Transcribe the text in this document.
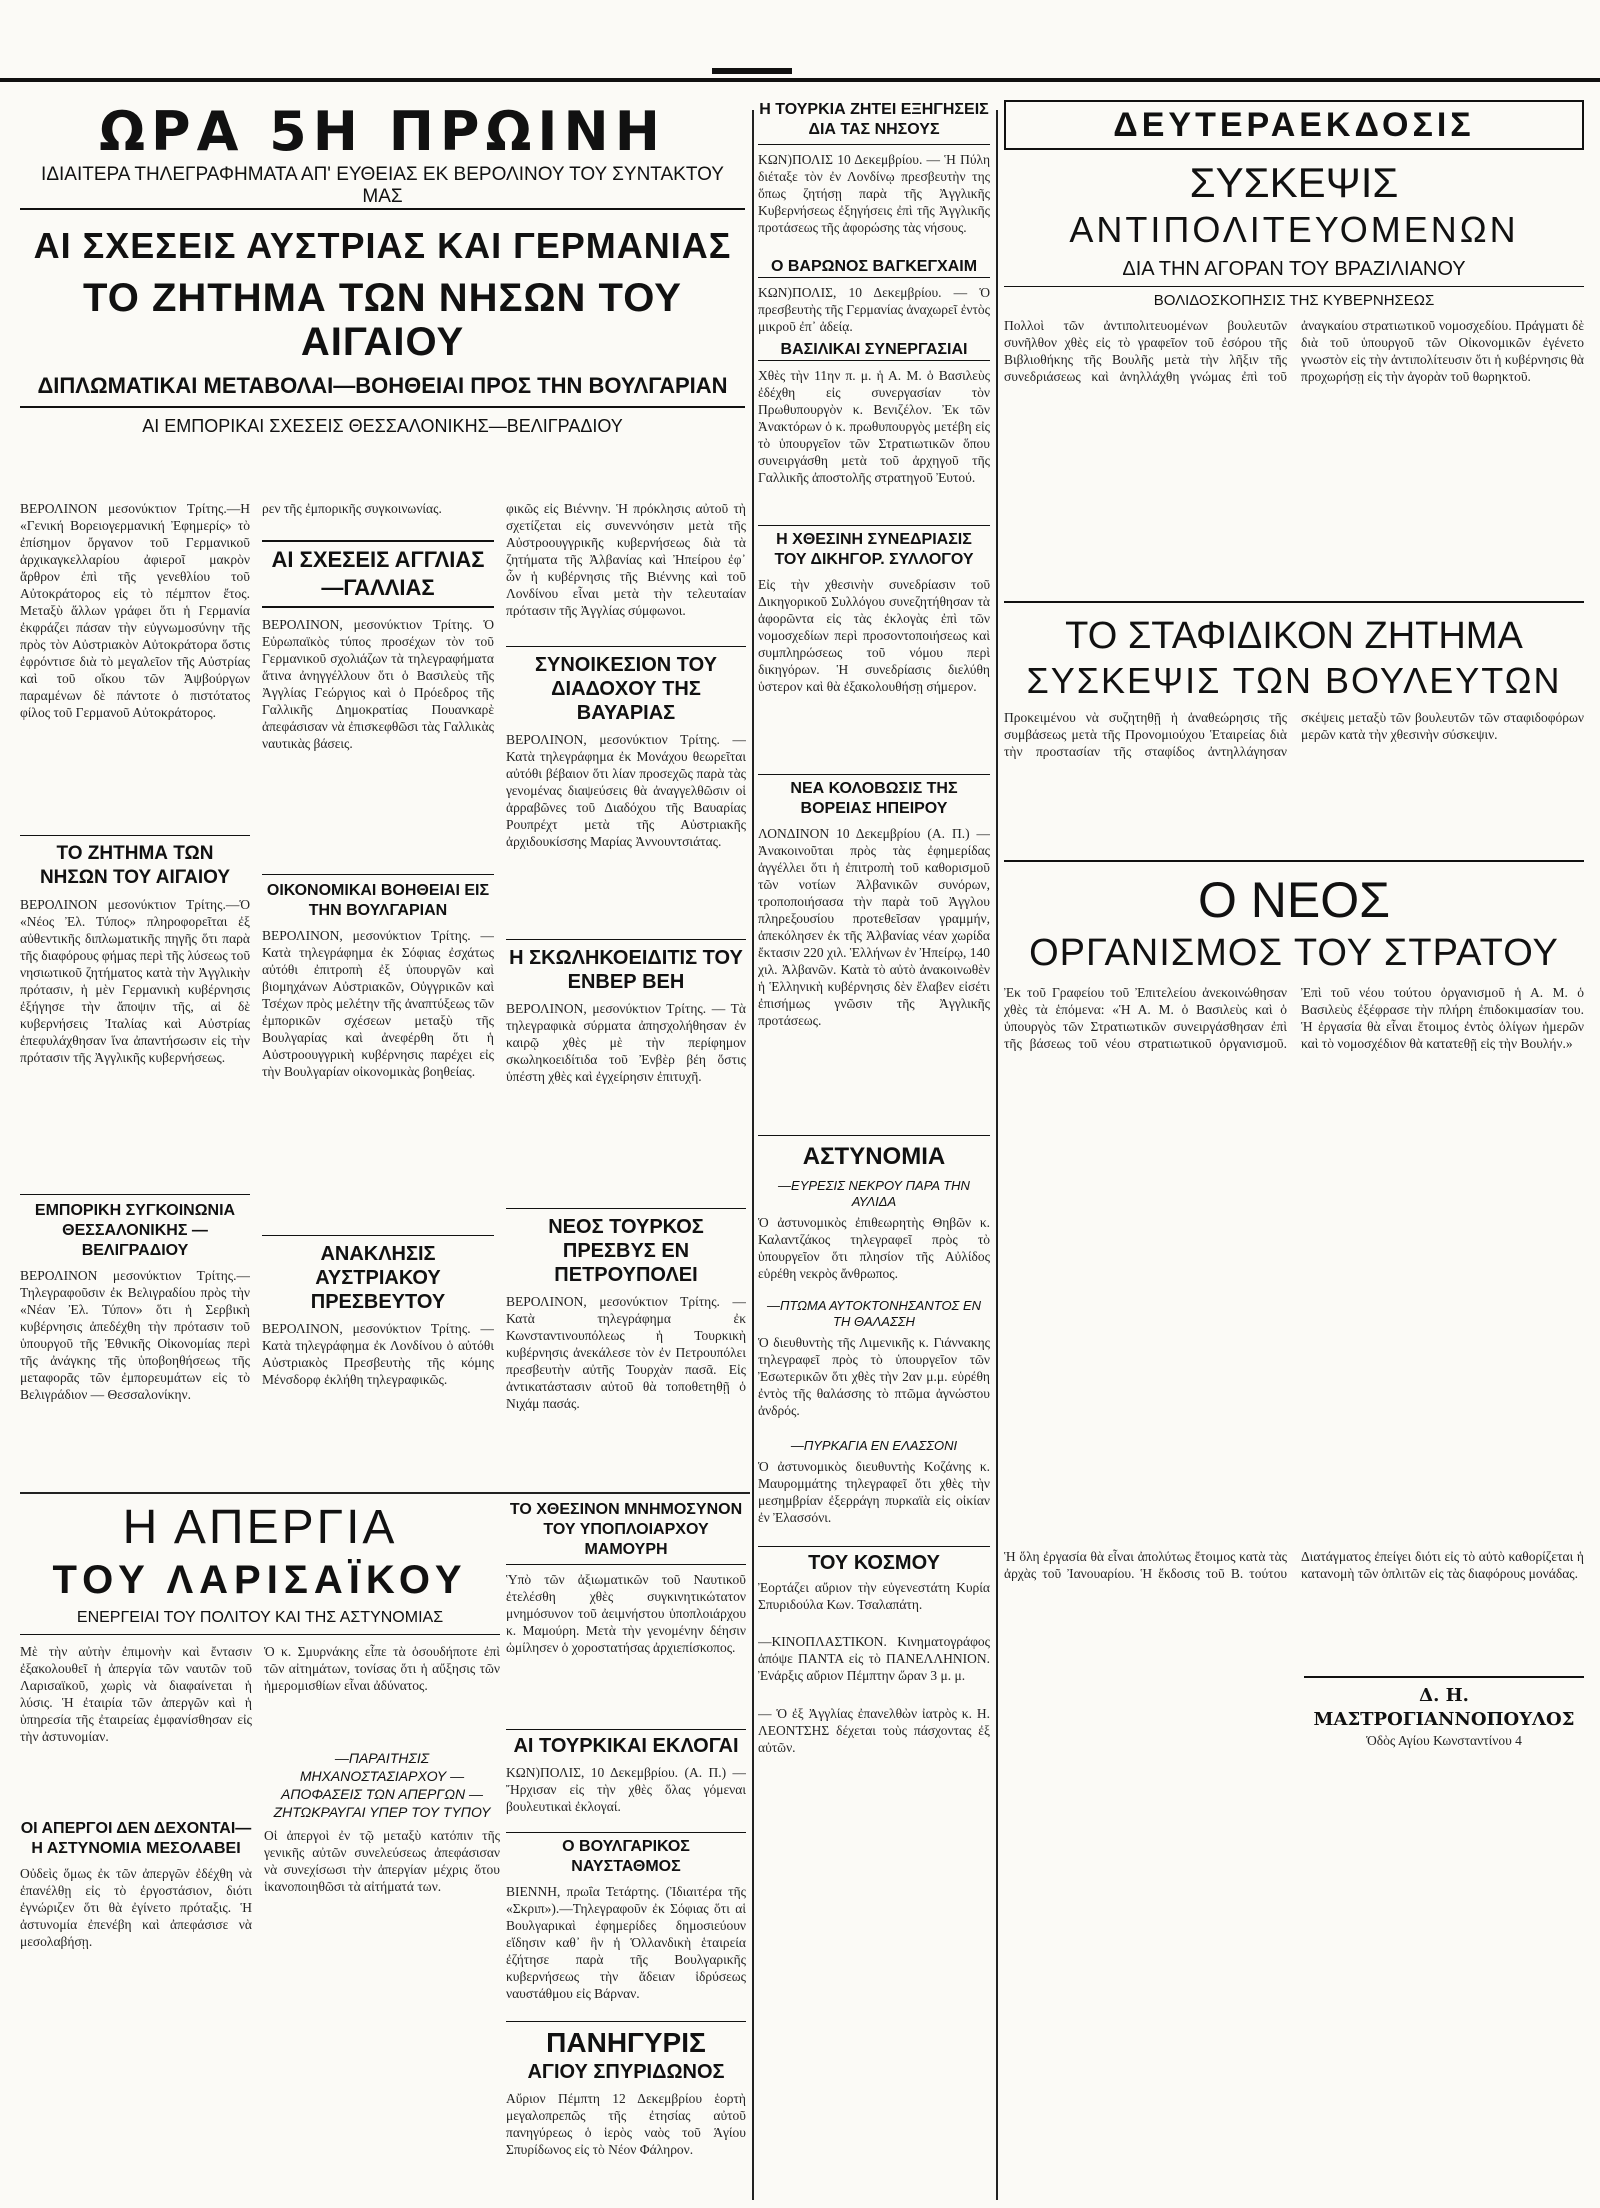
ΩΡΑ 5Η ΠΡΩΙΝΗ
ΙΔΙΑΙΤΕΡΑ ΤΗΛΕΓΡΑΦΗΜΑΤΑ ΑΠ' ΕΥΘΕΙΑΣ ΕΚ ΒΕΡΟΛΙΝΟΥ ΤΟΥ ΣΥΝΤΑΚΤΟΥ ΜΑΣ
ΑΙ ΣΧΕΣΕΙΣ ΑΥΣΤΡΙΑΣ ΚΑΙ ΓΕΡΜΑΝΙΑΣ
ΤΟ ΖΗΤΗΜΑ ΤΩΝ ΝΗΣΩΝ ΤΟΥ ΑΙΓΑΙΟΥ
ΔΙΠΛΩΜΑΤΙΚΑΙ ΜΕΤΑΒΟΛΑΙ—ΒΟΗΘΕΙΑΙ ΠΡΟΣ ΤΗΝ ΒΟΥΛΓΑΡΙΑΝ
ΑΙ ΕΜΠΟΡΙΚΑΙ ΣΧΕΣΕΙΣ ΘΕΣΣΑΛΟΝΙΚΗΣ—ΒΕΛΙΓΡΑΔΙΟΥ
ΒΕΡΟΛΙΝΟΝ μεσονύκτιον Τρίτης.—Η «Γενική Βορειογερμανική Ἐφημερίς» τὸ ἐπίσημον ὄργανον τοῦ Γερμανικοῦ ἀρχικαγκελλαρίου ἀφιεροῖ μακρὸν ἄρθρον ἐπὶ τῆς γενεθλίου τοῦ Αὐτοκράτορος εἰς τὸ πέμπτον ἔτος. Μεταξὺ ἄλλων γράφει ὅτι ἡ Γερμανία ἐκφράζει πάσαν τὴν εὐγνωμοσύνην τῆς πρὸς τὸν Αὐστριακὸν Αὐτοκράτορα ὅστις ἐφρόντισε διὰ τὸ μεγαλεῖον τῆς Αὐστρίας καὶ τοῦ οἴκου τῶν Ἀψβούργων παραμένων δὲ πάντοτε ὁ πιστότατος φίλος τοῦ Γερμανοῦ Αὐτοκράτορος.
ΤΟ ΖΗΤΗΜΑ ΤΩΝ ΝΗΣΩΝ ΤΟΥ ΑΙΓΑΙΟΥ
ΒΕΡΟΛΙΝΟΝ μεσονύκτιον Τρίτης.—Ὁ «Νέος Ἐλ. Τύπος» πληροφορεῖται ἐξ αὐθεντικῆς διπλωματικῆς πηγῆς ὅτι παρὰ τῆς διαφόρους φήμας περὶ τῆς λύσεως τοῦ νησιωτικοῦ ζητήματος κατὰ τὴν Ἀγγλικὴν πρότασιν, ἡ μὲν Γερμανικὴ κυβέρνησις ἐξήγησε τὴν ἄποψιν τῆς, αἱ δὲ κυβερνήσεις Ἰταλίας καὶ Αὐστρίας ἐπεφυλάχθησαν ἵνα ἀπαντήσωσιν εἰς τὴν πρότασιν τῆς Ἀγγλικῆς κυβερνήσεως.
ΕΜΠΟΡΙΚΗ ΣΥΓΚΟΙΝΩΝΙΑ ΘΕΣΣΑΛΟΝΙΚΗΣ — ΒΕΛΙΓΡΑΔΙΟΥ
ΒΕΡΟΛΙΝΟΝ μεσονύκτιον Τρίτης.—Τηλεγραφοῦσιν ἐκ Βελιγραδίου πρὸς τὴν «Νέαν Ἐλ. Τύπον» ὅτι ἡ Σερβικὴ κυβέρνησις ἀπεδέχθη τὴν πρότασιν τοῦ ὑπουργοῦ τῆς Ἐθνικῆς Οἰκονομίας περὶ τῆς ἀνάγκης τῆς ὑποβοηθήσεως τῆς μεταφορᾶς τῶν ἐμπορευμάτων εἰς τὸ Βελιγράδιον — Θεσσαλονίκην.
ρεν τῆς ἐμπορικῆς συγκοινωνίας.
ΑΙ ΣΧΕΣΕΙΣ ΑΓΓΛΙΑΣ—ΓΑΛΛΙΑΣ
ΒΕΡΟΛΙΝΟΝ, μεσονύκτιον Τρίτης. Ὁ Εὐρωπαϊκὸς τύπος προσέχων τὸν τοῦ Γερμανικοῦ σχολιάζων τὰ τηλεγραφήματα ἅτινα ἀνηγγέλλουν ὅτι ὁ Βασιλεὺς τῆς Ἀγγλίας Γεώργιος καὶ ὁ Πρόεδρος τῆς Γαλλικῆς Δημοκρατίας Πουανκαρὲ ἀπεφάσισαν νὰ ἐπισκεφθῶσι τὰς Γαλλικὰς ναυτικὰς βάσεις.
ΟΙΚΟΝΟΜΙΚΑΙ ΒΟΗΘΕΙΑΙ ΕΙΣ ΤΗΝ ΒΟΥΛΓΑΡΙΑΝ
ΒΕΡΟΛΙΝΟΝ, μεσονύκτιον Τρίτης. — Κατὰ τηλεγράφημα ἐκ Σόφιας ἐσχάτως αὐτόθι ἐπιτροπὴ ἐξ ὑπουργῶν καὶ βιομηχάνων Αὐστριακῶν, Οὐγγρικῶν καὶ Τσέχων πρὸς μελέτην τῆς ἀναπτύξεως τῶν ἐμπορικῶν σχέσεων μεταξὺ τῆς Βουλγαρίας καὶ ἀνεφέρθη ὅτι ἡ Αὐστροουγγρικὴ κυβέρνησις παρέχει εἰς τὴν Βουλγαρίαν οἰκονομικὰς βοηθείας.
ΑΝΑΚΛΗΣΙΣ ΑΥΣΤΡΙΑΚΟΥ ΠΡΕΣΒΕΥΤΟΥ
ΒΕΡΟΛΙΝΟΝ, μεσονύκτιον Τρίτης. — Κατὰ τηλεγράφημα ἐκ Λονδίνου ὁ αὐτόθι Αὐστριακὸς Πρεσβευτὴς τῆς κόμης Μένσδορφ ἐκλήθη τηλεγραφικῶς.
φικῶς εἰς Βιέννην. Ἡ πρόκλησις αὐτοῦ τὴ σχετίζεται εἰς συνεννόησιν μετὰ τῆς Αὐστροουγγρικῆς κυβερνήσεως διὰ τὰ ζητήματα τῆς Ἀλβανίας καὶ Ἠπείρου ἐφ᾽ ὧν ἡ κυβέρνησις τῆς Βιέννης καὶ τοῦ Λονδίνου εἶναι μετὰ τὴν τελευταίαν πρότασιν τῆς Ἀγγλίας σύμφωνοι.
ΣΥΝΟΙΚΕΣΙΟΝ ΤΟΥ ΔΙΑΔΟΧΟΥ ΤΗΣ ΒΑΥΑΡΙΑΣ
ΒΕΡΟΛΙΝΟΝ, μεσονύκτιον Τρίτης. — Κατὰ τηλεγράφημα ἐκ Μονάχου θεωρεῖται αὐτόθι βέβαιον ὅτι λίαν προσεχῶς παρὰ τὰς γενομένας διαψεύσεις θὰ ἀναγγελθῶσιν οἱ ἀρραβῶνες τοῦ Διαδόχου τῆς Βαυαρίας Ρουπρέχτ μετὰ τῆς Αὐστριακῆς ἀρχιδουκίσσης Μαρίας Ἀννουντσιάτας.
Η ΣΚΩΛΗΚΟΕΙΔΙΤΙΣ ΤΟΥ ΕΝΒΕΡ ΒΕΗ
ΒΕΡΟΛΙΝΟΝ, μεσονύκτιον Τρίτης. — Τὰ τηλεγραφικὰ σύρματα ἀπησχολήθησαν ἐν καιρῷ χθὲς μὲ τὴν περίφημον σκωληκοειδίτιδα τοῦ Ἐνβὲρ βέη ὅστις ὑπέστη χθὲς καὶ ἐγχείρησιν ἐπιτυχῆ.
ΝΕΟΣ ΤΟΥΡΚΟΣ ΠΡΕΣΒΥΣ ΕΝ ΠΕΤΡΟΥΠΟΛΕΙ
ΒΕΡΟΛΙΝΟΝ, μεσονύκτιον Τρίτης. — Κατὰ τηλεγράφημα ἐκ Κωνσταντινουπόλεως ἡ Τουρκικὴ κυβέρνησις ἀνεκάλεσε τὸν ἐν Πετρουπόλει πρεσβευτὴν αὐτῆς Τουρχὰν πασᾶ. Εἰς ἀντικατάστασιν αὐτοῦ θὰ τοποθετηθῇ ὁ Νιχάμ πασάς.
Η ΑΠΕΡΓΙΑ
ΤΟΥ ΛΑΡΙΣΑΪΚΟΥ
ΕΝΕΡΓΕΙΑΙ ΤΟΥ ΠΟΛΙΤΟΥ ΚΑΙ ΤΗΣ ΑΣΤΥΝΟΜΙΑΣ
Μὲ τὴν αὐτὴν ἐπιμονὴν καὶ ἔντασιν ἐξακολουθεῖ ἡ ἀπεργία τῶν ναυτῶν τοῦ Λαρισαϊκοῦ, χωρὶς νὰ διαφαίνεται ἡ λύσις. Ἡ ἐταιρία τῶν ἀπεργῶν καὶ ἡ ὑπηρεσία τῆς ἐταιρείας ἐμφανίσθησαν εἰς τὴν ἀστυνομίαν.
ΟΙ ΑΠΕΡΓΟΙ ΔΕΝ ΔΕΧΟΝΤΑΙ—Η ΑΣΤΥΝΟΜΙΑ ΜΕΣΟΛΑΒΕΙ
Οὐδεὶς ὅμως ἐκ τῶν ἀπεργῶν ἐδέχθη νὰ ἐπανέλθῃ εἰς τὸ ἐργοστάσιον, διότι ἐγνώριζεν ὅτι θὰ ἐγίνετο πρόταξις. Ἡ ἀστυνομία ἐπενέβη καὶ ἀπεφάσισε νὰ μεσολαβήσῃ.
Ὁ κ. Σμυρνάκης εἶπε τὰ ὁσουδήποτε ἐπὶ τῶν αἰτημάτων, τονίσας ὅτι ἡ αὔξησις τῶν ἡμερομισθίων εἶναι ἀδύνατος.
—ΠΑΡΑΙΤΗΣΙΣ ΜΗΧΑΝΟΣΤΑΣΙΑΡΧΟΥ —ΑΠΟΦΑΣΕΙΣ ΤΩΝ ΑΠΕΡΓΩΝ —ΖΗΤΩΚΡΑΥΓΑΙ ΥΠΕΡ ΤΟΥ ΤΥΠΟΥ
Οἱ ἀπεργοὶ ἐν τῷ μεταξὺ κατόπιν τῆς γενικῆς αὐτῶν συνελεύσεως ἀπεφάσισαν νὰ συνεχίσωσι τὴν ἀπεργίαν μέχρις ὅτου ἱκανοποιηθῶσι τὰ αἰτήματά των.
ΤΟ ΧΘΕΣΙΝΟΝ ΜΝΗΜΟΣΥΝΟΝ ΤΟΥ ΥΠΟΠΛΟΙΑΡΧΟΥ ΜΑΜΟΥΡΗ
Ὑπὸ τῶν ἀξιωματικῶν τοῦ Ναυτικοῦ ἐτελέσθη χθὲς συγκινητικώτατον μνημόσυνον τοῦ ἀειμνήστου ὑποπλοιάρχου κ. Μαμούρη. Μετὰ τὴν γενομένην δέησιν ὡμίλησεν ὁ χοροστατήσας ἀρχιεπίσκοπος.
ΑΙ ΤΟΥΡΚΙΚΑΙ ΕΚΛΟΓΑΙ
ΚΩΝ)ΠΟΛΙΣ, 10 Δεκεμβρίου. (Α. Π.) — Ἤρχισαν εἰς τὴν χθὲς ὅλας γόμεναι βουλευτικαὶ ἐκλογαί.
Ο ΒΟΥΛΓΑΡΙΚΟΣ ΝΑΥΣΤΑΘΜΟΣ
ΒΙΕΝΝΗ, πρωΐα Τετάρτης. (Ἰδιαιτέρα τῆς «Σκριπ»).—Τηλεγραφοῦν ἐκ Σόφιας ὅτι αἱ Βουλγαρικαὶ ἐφημερίδες δημοσιεύουν εἴδησιν καθ᾽ ἣν ἡ Ὁλλανδικὴ ἑταιρεία ἐζήτησε παρὰ τῆς Βουλγαρικῆς κυβερνήσεως τὴν ἄδειαν ἱδρύσεως ναυστάθμου εἰς Βάρναν.
ΠΑΝΗΓΥΡΙΣ
ΑΓΙΟΥ ΣΠΥΡΙΔΩΝΟΣ
Αὔριον Πέμπτη 12 Δεκεμβρίου ἑορτὴ μεγαλοπρεπῶς τῆς ἐτησίας αὐτοῦ πανηγύρεως ὁ ἱερὸς ναὸς τοῦ Ἁγίου Σπυρίδωνος εἰς τὸ Νέον Φάληρον.
Η ΤΟΥΡΚΙΑ ΖΗΤΕΙ ΕΞΗΓΗΣΕΙΣ ΔΙΑ ΤΑΣ ΝΗΣΟΥΣ
ΚΩΝ)ΠΟΛΙΣ 10 Δεκεμβρίου. — Ἡ Πύλη διέταξε τὸν ἐν Λονδίνῳ πρεσβευτὴν της ὅπως ζητήσῃ παρὰ τῆς Ἀγγλικῆς Κυβερνήσεως ἐξηγήσεις ἐπὶ τῆς Ἀγγλικῆς προτάσεως τῆς ἀφορώσης τὰς νήσους.
Ο ΒΑΡΩΝΟΣ ΒΑΓΚΕΓΧΑΙΜ
ΚΩΝ)ΠΟΛΙΣ, 10 Δεκεμβρίου. — Ὁ πρεσβευτὴς τῆς Γερμανίας ἀναχωρεῖ ἐντὸς μικροῦ ἐπ᾽ ἀδείᾳ.
ΒΑΣΙΛΙΚΑΙ ΣΥΝΕΡΓΑΣΙΑΙ
Χθὲς τὴν 11ην π. μ. ἡ Α. Μ. ὁ Βασιλεὺς ἐδέχθη εἰς συνεργασίαν τὸν Πρωθυπουργὸν κ. Βενιζέλον. Ἐκ τῶν Ἀνακτόρων ὁ κ. πρωθυπουργὸς μετέβη εἰς τὸ ὑπουργεῖον τῶν Στρατιωτικῶν ὅπου συνειργάσθη μετὰ τοῦ ἀρχηγοῦ τῆς Γαλλικῆς ἀποστολῆς στρατηγοῦ Ἐυτού.
Η ΧΘΕΣΙΝΗ ΣΥΝΕΔΡΙΑΣΙΣ ΤΟΥ ΔΙΚΗΓΟΡ. ΣΥΛΛΟΓΟΥ
Εἰς τὴν χθεσινὴν συνεδρίασιν τοῦ Δικηγορικοῦ Συλλόγου συνεζητήθησαν τὰ ἀφορῶντα εἰς τὰς ἐκλογὰς ἐπὶ τῶν νομοσχεδίων περὶ προσοντοποιήσεως καὶ συμπληρώσεως τοῦ νόμου περὶ δικηγόρων. Ἡ συνεδρίασις διελύθη ὑστερον καὶ θὰ ἐξακολουθήσῃ σήμερον.
ΝΕΑ ΚΟΛΟΒΩΣΙΣ ΤΗΣ ΒΟΡΕΙΑΣ ΗΠΕΙΡΟΥ
ΛΟΝΔΙΝΟΝ 10 Δεκεμβρίου (Α. Π.) — Ἀνακοινοῦται πρὸς τὰς ἐφημερίδας ἀγγέλλει ὅτι ἡ ἐπιτροπὴ τοῦ καθορισμοῦ τῶν νοτίων Ἀλβανικῶν συνόρων, τροποποιήσασα τὴν παρὰ τοῦ Ἀγγλου πληρεξουσίου προτεθεῖσαν γραμμήν, ἀπεκόλησεν ἐκ τῆς Ἀλβανίας νέαν χωρίδα ἔκτασιν 220 χιλ. Ἑλλήνων ἐν Ἠπείρῳ, 140 χιλ. Ἀλβανῶν. Κατὰ τὸ αὐτὸ ἀνακοινωθὲν ἡ Ἑλληνικὴ κυβέρνησις δὲν ἔλαβεν εἰσέτι ἐπισήμως γνῶσιν τῆς Ἀγγλικῆς προτάσεως.
ΑΣΤΥΝΟΜΙΑ
—ΕΥΡΕΣΙΣ ΝΕΚΡΟΥ ΠΑΡΑ ΤΗΝ ΑΥΛΙΔΑ
Ὁ ἀστυνομικὸς ἐπιθεωρητὴς Θηβῶν κ. Καλαντζάκος τηλεγραφεῖ πρὸς τὸ ὑπουργεῖον ὅτι πλησίον τῆς Αὐλίδος εὑρέθη νεκρὸς ἄνθρωπος.
—ΠΤΩΜΑ ΑΥΤΟΚΤΟΝΗΣΑΝΤΟΣ ΕΝ ΤΗ ΘΑΛΑΣΣΗ
Ὁ διευθυντὴς τῆς Λιμενικῆς κ. Γιάννακης τηλεγραφεῖ πρὸς τὸ ὑπουργεῖον τῶν Ἐσωτερικῶν ὅτι χθὲς τὴν 2αν μ.μ. εὑρέθη ἐντὸς τῆς θαλάσσης τὸ πτῶμα ἀγνώστου ἀνδρός.
—ΠΥΡΚΑΓΙΑ ΕΝ ΕΛΑΣΣΟΝΙ
Ὁ ἀστυνομικὸς διευθυντὴς Κοζάνης κ. Μαυρομμάτης τηλεγραφεῖ ὅτι χθὲς τὴν μεσημβρίαν ἐξερράγη πυρκαϊὰ εἰς οἰκίαν ἐν Ἐλασσόνι.
ΤΟΥ ΚΟΣΜΟΥ
Ἐορτάζει αὔριον τὴν εὐγενεστάτη Κυρία Σπυριδούλα Κων. Τσαλαπάτη.
—ΚΙΝΟΠΛΑΣΤΙΚΟΝ. Κινηματογράφος ἀπόψε ΠΑΝΤΑ εἰς τὸ ΠΑΝΕΛΛΗΝΙΟΝ. Ἐνάρξις αὔριον Πέμπτην ὥραν 3 μ. μ.
— Ὁ ἐξ Ἀγγλίας ἐπανελθὼν ἰατρὸς κ. Η. ΛΕΟΝΤΣΗΣ δέχεται τοὺς πάσχοντας ἐξ αὐτῶν.
ΔΕΥΤΕΡΑΕΚΔΟΣΙΣ
ΣΥΣΚΕΨΙΣ
ΑΝΤΙΠΟΛΙΤΕΥΟΜΕΝΩΝ
ΔΙΑ ΤΗΝ ΑΓΟΡΑΝ ΤΟΥ ΒΡΑΖΙΛΙΑΝΟΥ
ΒΟΛΙΔΟΣΚΟΠΗΣΙΣ ΤΗΣ ΚΥΒΕΡΝΗΣΕΩΣ
Πολλοὶ τῶν ἀντιπολιτευομένων βουλευτῶν συνῆλθον χθὲς εἰς τὸ γραφεῖον τοῦ ἐσόρου τῆς Βιβλιοθήκης τῆς Βουλῆς μετὰ τὴν λῆξιν τῆς συνεδριάσεως καὶ ἀνηλλάχθη γνώμας ἐπὶ τοῦ ἀναγκαίου στρατιωτικοῦ νομοσχεδίου. Πράγματι δὲ διὰ τοῦ ὑπουργοῦ τῶν Οἰκονομικῶν ἐγένετο γνωστὸν εἰς τὴν ἀντιπολίτευσιν ὅτι ἡ κυβέρνησις θὰ προχωρήσῃ εἰς τὴν ἀγορὰν τοῦ θωρηκτοῦ.
ΤΟ ΣΤΑΦΙΔΙΚΟΝ ΖΗΤΗΜΑ
ΣΥΣΚΕΨΙΣ ΤΩΝ ΒΟΥΛΕΥΤΩΝ
Προκειμένου νὰ συζητηθῇ ἡ ἀναθεώρησις τῆς συμβάσεως μετὰ τῆς Προνομιούχου Ἑταιρείας διὰ τὴν προστασίαν τῆς σταφίδος ἀντηλλάγησαν σκέψεις μεταξὺ τῶν βουλευτῶν τῶν σταφιδοφόρων μερῶν κατὰ τὴν χθεσινὴν σύσκεψιν.
Ο ΝΕΟΣ
ΟΡΓΑΝΙΣΜΟΣ ΤΟΥ ΣΤΡΑΤΟΥ
Ἐκ τοῦ Γραφείου τοῦ Ἐπιτελείου ἀνεκοινώθησαν χθὲς τὰ ἑπόμενα: «Ἡ Α. Μ. ὁ Βασιλεὺς καὶ ὁ ὑπουργὸς τῶν Στρατιωτικῶν συνειργάσθησαν ἐπὶ τῆς βάσεως τοῦ νέου στρατιωτικοῦ ὀργανισμοῦ. Ἐπὶ τοῦ νέου τούτου ὀργανισμοῦ ἡ Α. Μ. ὁ Βασιλεὺς ἐξέφρασε τὴν πλήρη ἐπιδοκιμασίαν του. Ἡ ἐργασία θὰ εἶναι ἔτοιμος ἐντὸς ὀλίγων ἡμερῶν καὶ τὸ νομοσχέδιον θὰ κατατεθῇ εἰς τὴν Βουλήν.»
Ἡ ὅλη ἐργασία θὰ εἶναι ἀπολύτως ἔτοιμος κατὰ τὰς ἀρχὰς τοῦ Ἰανουαρίου. Ἡ ἔκδοσις τοῦ Β. τούτου Διατάγματος ἐπείγει διότι εἰς τὸ αὐτὸ καθορίζεται ἡ κατανομὴ τῶν ὁπλιτῶν εἰς τὰς διαφόρους μονάδας.
Δ. Η. ΜΑΣΤΡΟΓΙΑΝΝΟΠΟΥΛΟΣ
Ὁδὸς Αγίου Κωνσταντίνου 4
